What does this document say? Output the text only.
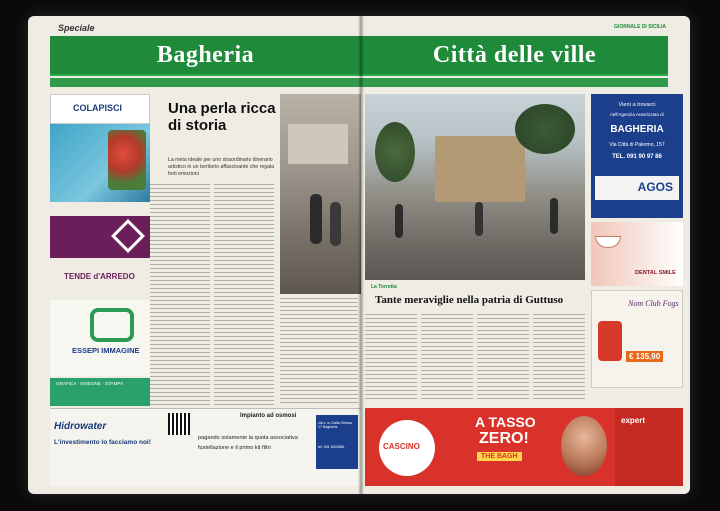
Speciale
Bagheria
COLAPISCI
TENDE d'ARREDO
ESSEPI IMMAGINE
GRAFICA · INSEGNE · STAMPA
Una perla ricca di storia
La meta ideale per uno straordinario itinerario artistico in un territorio affascinante che regala forti emozioni
Hidrowater
L'investimento lo facciamo noi!
Impianto ad osmosi
pagando solamente la quota associativa
fustellazione e il primo kit filtri
via c. a. Dalla Chiesa, 17 Bagheria
tel. 091 8433881
GIORNALE DI SICILIA
Città delle ville
La Torretta
Tante meraviglie nella patria di Guttuso
Vieni a trovarci
nell'Agenzia Autorizzata di
BAGHERIA
Via Città di Palermo, 157
TEL. 091 90 97 86
AGOS
DENTAL SMILE
Nom Club Fogs
€ 135,90
CASCINO
A TASSO
ZERO!
THE BAGH
expert
